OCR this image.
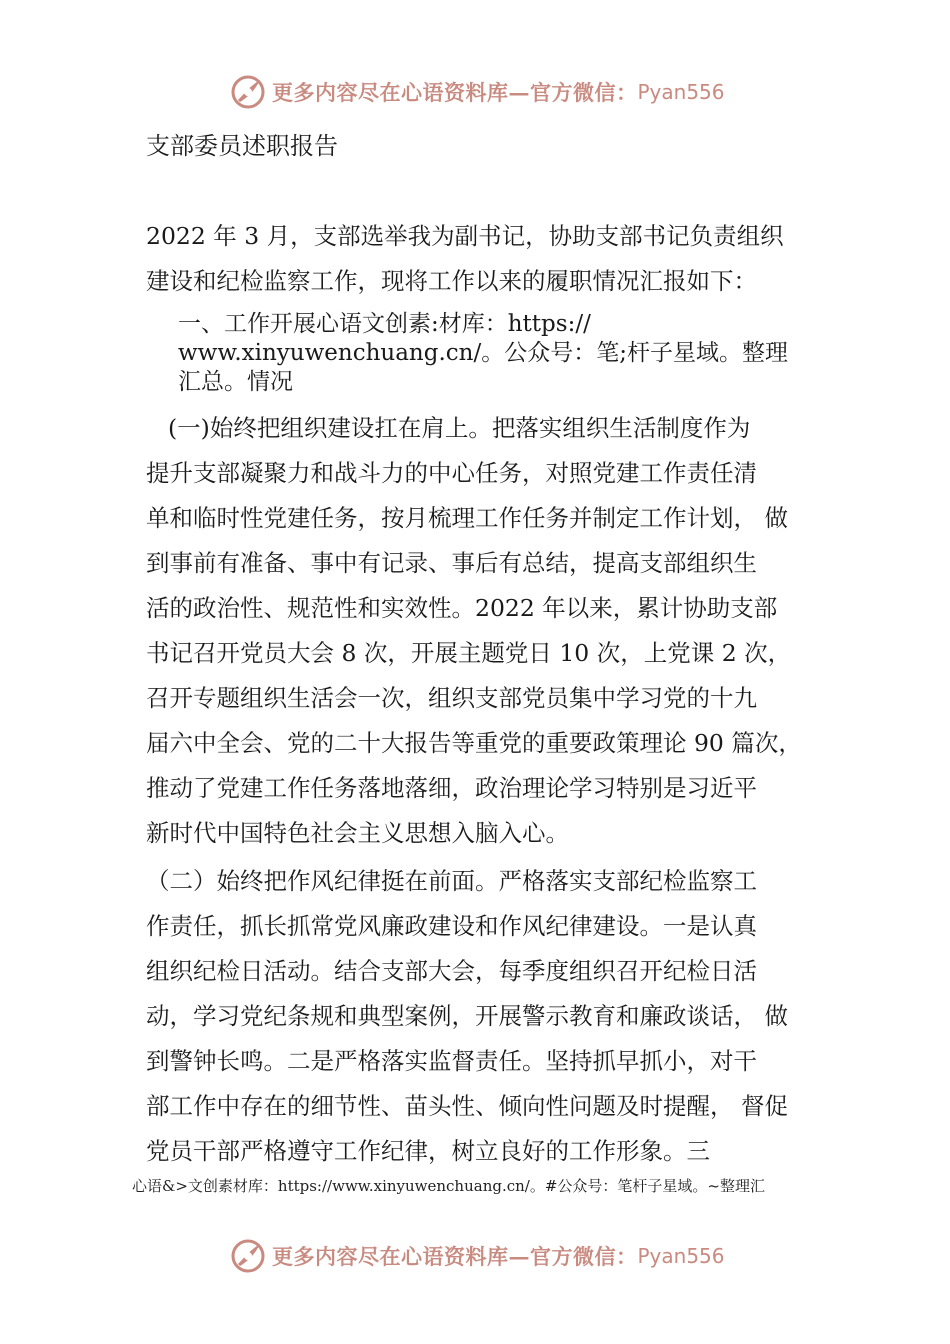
更多内容尽在心语资料库—官方微信： Pyan556
支部委员述职报告

2022 年 3 月，支部选举我为副书记，协助支部书记负责组织

建设和纪检监察工作，现将工作以来的履职情况汇报如下：

一、工作开展心语文创素:材库：https://

www.xinyuwenchuang.cn/。公众号：笔;杆子星域。整理

汇总。情况

(一)始终把组织建设扛在肩上。把落实组织生活制度作为

提升支部凝聚力和战斗力的中心任务，对照党建工作责任清

单和临时性党建任务，按月梳理工作任务并制定工作计划， 做

到事前有准备、事中有记录、事后有总结，提高支部组织生

活的政治性、规范性和实效性。2022 年以来，累计协助支部

书记召开党员大会 8 次，开展主题党日 10 次，上党课 2 次，

召开专题组织生活会一次，组织支部党员集中学习党的十九

届六中全会、党的二十大报告等重党的重要政策理论 90 篇次，

推动了党建工作任务落地落细，政治理论学习特别是习近平

新时代中国特色社会主义思想入脑入心。

（二）始终把作风纪律挺在前面。严格落实支部纪检监察工

作责任，抓长抓常党风廉政建设和作风纪律建设。一是认真

组织纪检日活动。结合支部大会，每季度组织召开纪检日活

动，学习党纪条规和典型案例，开展警示教育和廉政谈话， 做

到警钟长鸣。二是严格落实监督责任。坚持抓早抓小，对干

部工作中存在的细节性、苗头性、倾向性问题及时提醒， 督促

党员干部严格遵守工作纪律，树立良好的工作形象。三

心语&>文创素材库：https://www.xinyuwenchuang.cn/。#公众号：笔杆子星域。~整理汇
更多内容尽在心语资料库—官方微信： Pyan556
